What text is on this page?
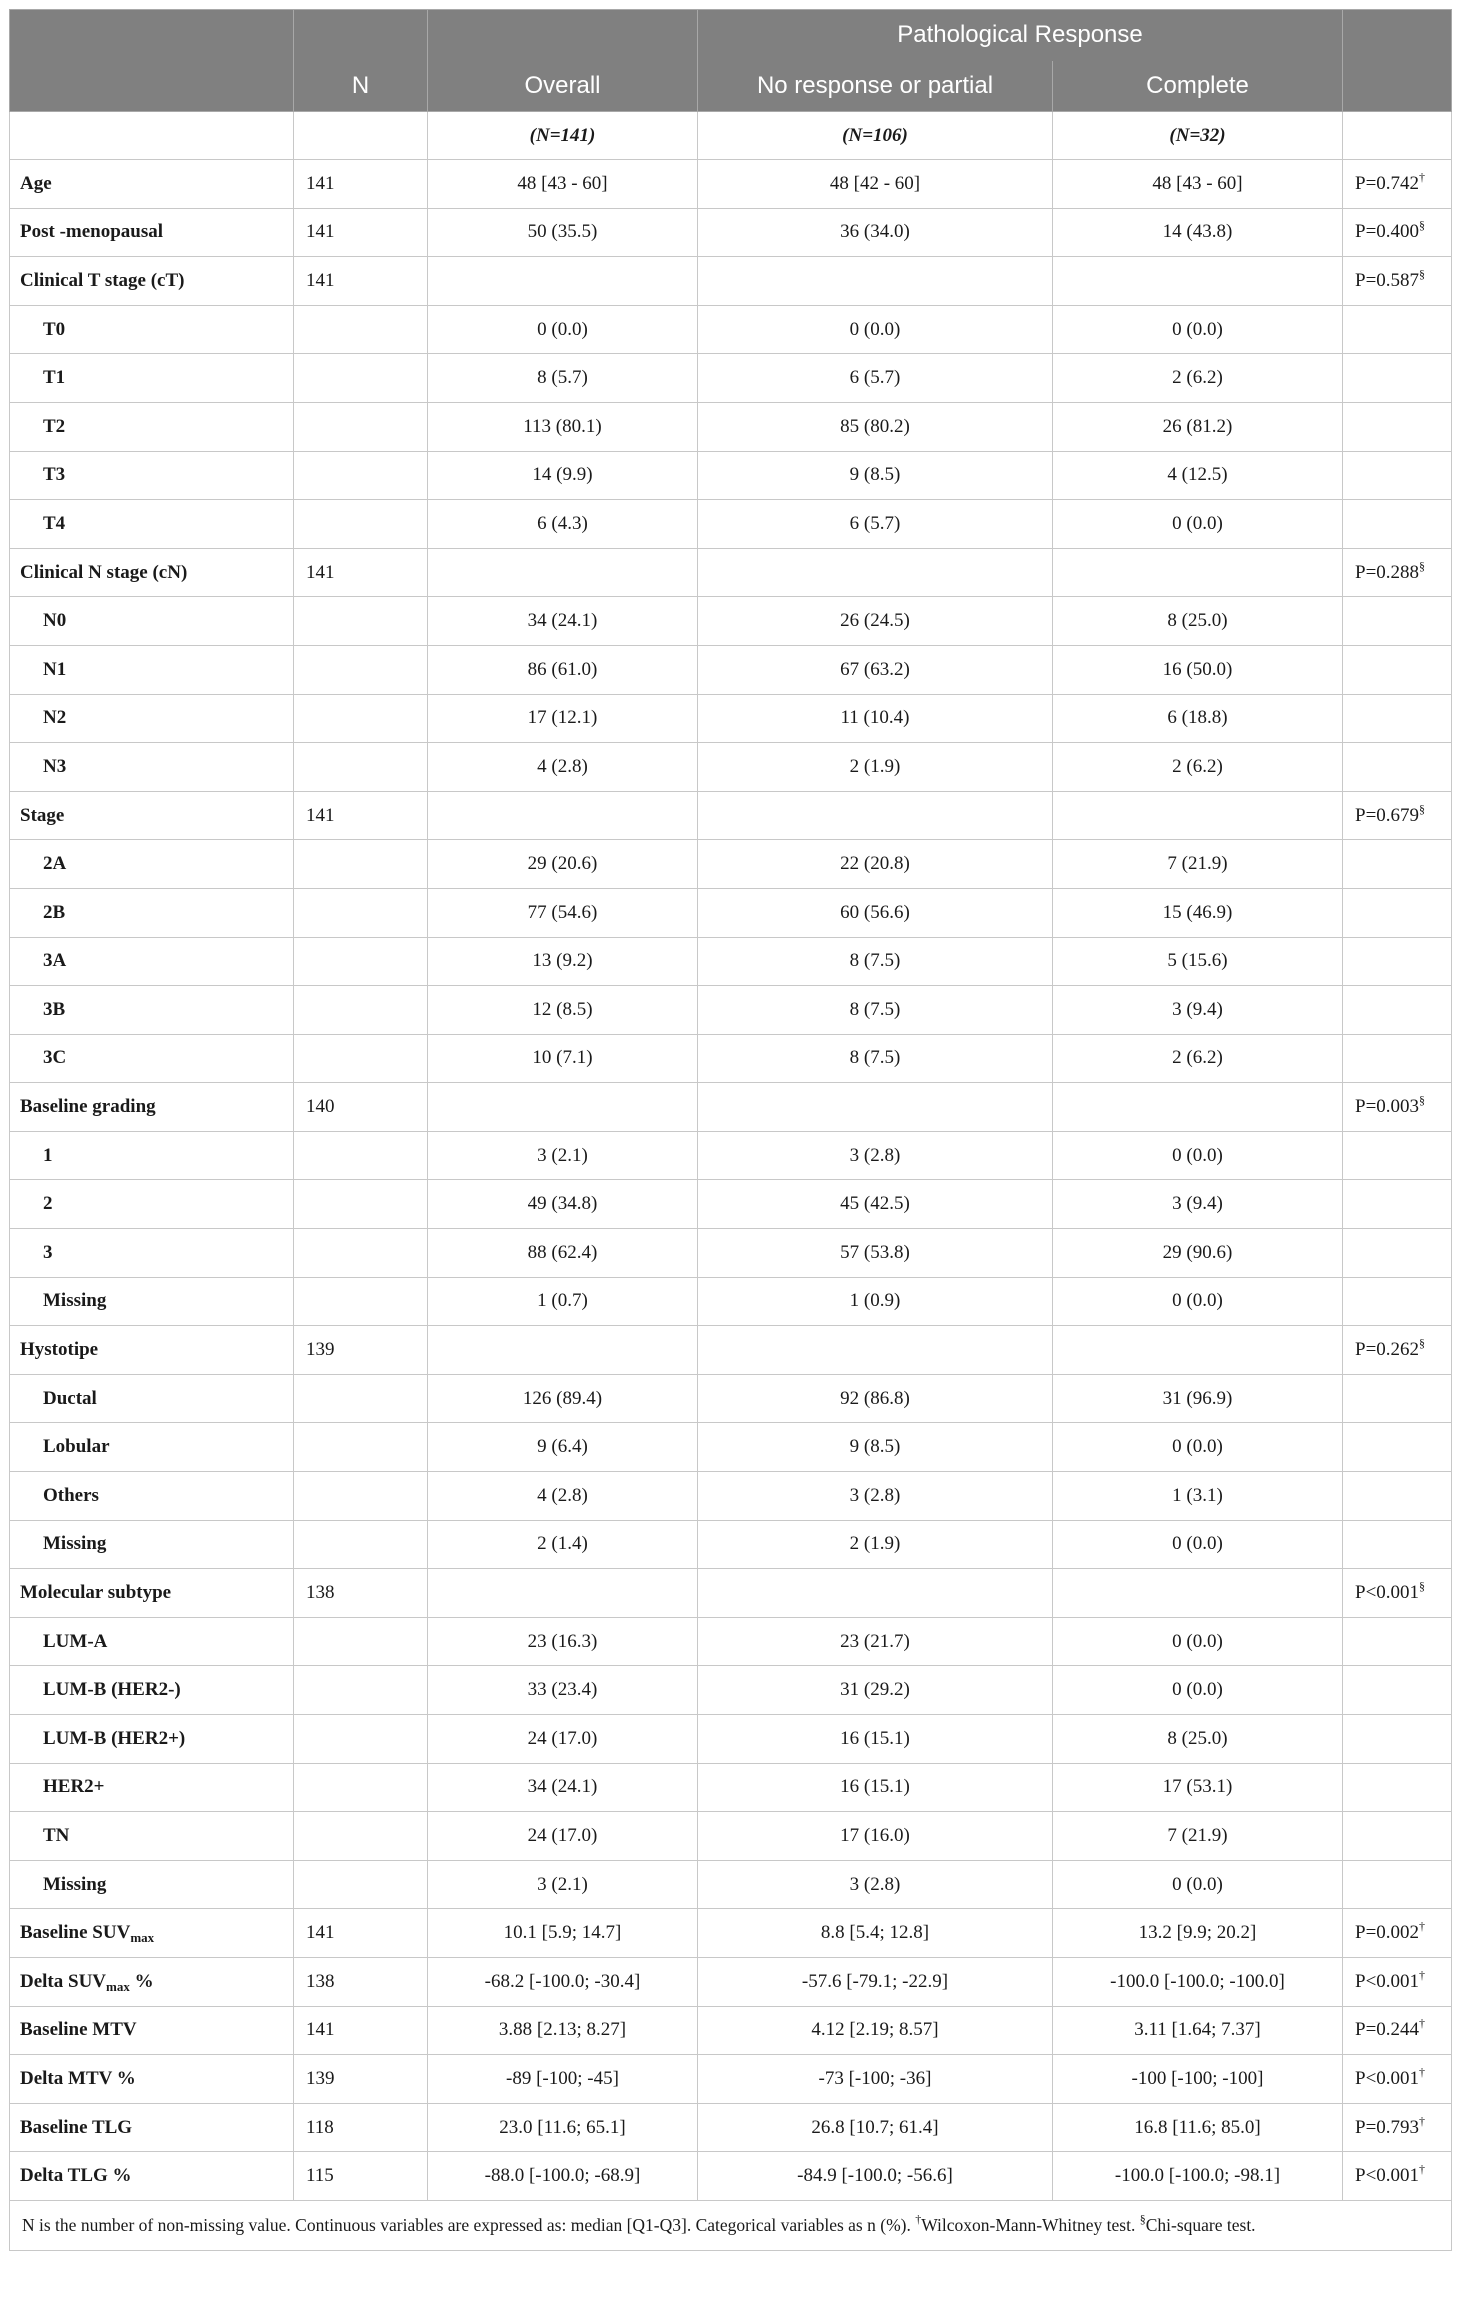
			Pathological Response		
	N	Overall	No response or partial	Complete	
		(N=141)	(N=106)	(N=32)	
Age	141	48 [43 - 60]	48 [42 - 60]	48 [43 - 60]	P=0.742†
Post -menopausal	141	50 (35.5)	36 (34.0)	14 (43.8)	P=0.400§
Clinical T stage (cT)	141				P=0.587§
T0		0 (0.0)	0 (0.0)	0 (0.0)	
T1		8 (5.7)	6 (5.7)	2 (6.2)	
T2		113 (80.1)	85 (80.2)	26 (81.2)	
T3		14 (9.9)	9 (8.5)	4 (12.5)	
T4		6 (4.3)	6 (5.7)	0 (0.0)	
Clinical N stage (cN)	141				P=0.288§
N0		34 (24.1)	26 (24.5)	8 (25.0)	
N1		86 (61.0)	67 (63.2)	16 (50.0)	
N2		17 (12.1)	11 (10.4)	6 (18.8)	
N3		4 (2.8)	2 (1.9)	2 (6.2)	
Stage	141				P=0.679§
2A		29 (20.6)	22 (20.8)	7 (21.9)	
2B		77 (54.6)	60 (56.6)	15 (46.9)	
3A		13 (9.2)	8 (7.5)	5 (15.6)	
3B		12 (8.5)	8 (7.5)	3 (9.4)	
3C		10 (7.1)	8 (7.5)	2 (6.2)	
Baseline grading	140				P=0.003§
1		3 (2.1)	3 (2.8)	0 (0.0)	
2		49 (34.8)	45 (42.5)	3 (9.4)	
3		88 (62.4)	57 (53.8)	29 (90.6)	
Missing		1 (0.7)	1 (0.9)	0 (0.0)	
Hystotipe	139				P=0.262§
Ductal		126 (89.4)	92 (86.8)	31 (96.9)	
Lobular		9 (6.4)	9 (8.5)	0 (0.0)	
Others		4 (2.8)	3 (2.8)	1 (3.1)	
Missing		2 (1.4)	2 (1.9)	0 (0.0)	
Molecular subtype	138				P<0.001§
LUM-A		23 (16.3)	23 (21.7)	0 (0.0)	
LUM-B (HER2-)		33 (23.4)	31 (29.2)	0 (0.0)	
LUM-B (HER2+)		24 (17.0)	16 (15.1)	8 (25.0)	
HER2+		34 (24.1)	16 (15.1)	17 (53.1)	
TN		24 (17.0)	17 (16.0)	7 (21.9)	
Missing		3 (2.1)	3 (2.8)	0 (0.0)	
Baseline $SUV_{max}$	141	10.1 [5.9; 14.7]	8.8 [5.4; 12.8]	13.2 [9.9; 20.2]	P=0.002†
Delta $SUV_{max}$ %	138	-68.2 [-100.0; -30.4]	-57.6 [-79.1; -22.9]	-100.0 [-100.0; -100.0]	P<0.001†
Baseline MTV	141	3.88 [2.13; 8.27]	4.12 [2.19; 8.57]	3.11 [1.64; 7.37]	P=0.244†
Delta MTV %	139	-89 [-100; -45]	-73 [-100; -36]	-100 [-100; -100]	P<0.001†
Baseline TLG	118	23.0 [11.6; 65.1]	26.8 [10.7; 61.4]	16.8 [11.6; 85.0]	P=0.793†
Delta TLG %	115	-88.0 [-100.0; -68.9]	-84.9 [-100.0; -56.6]	-100.0 [-100.0; -98.1]	P<0.001†
N is the number of non-missing value. Continuous variables are expressed as: median [Q1-Q3]. Categorical variables as n (%). †Wilcoxon-Mann-Whitney test. §Chi-square test.					
